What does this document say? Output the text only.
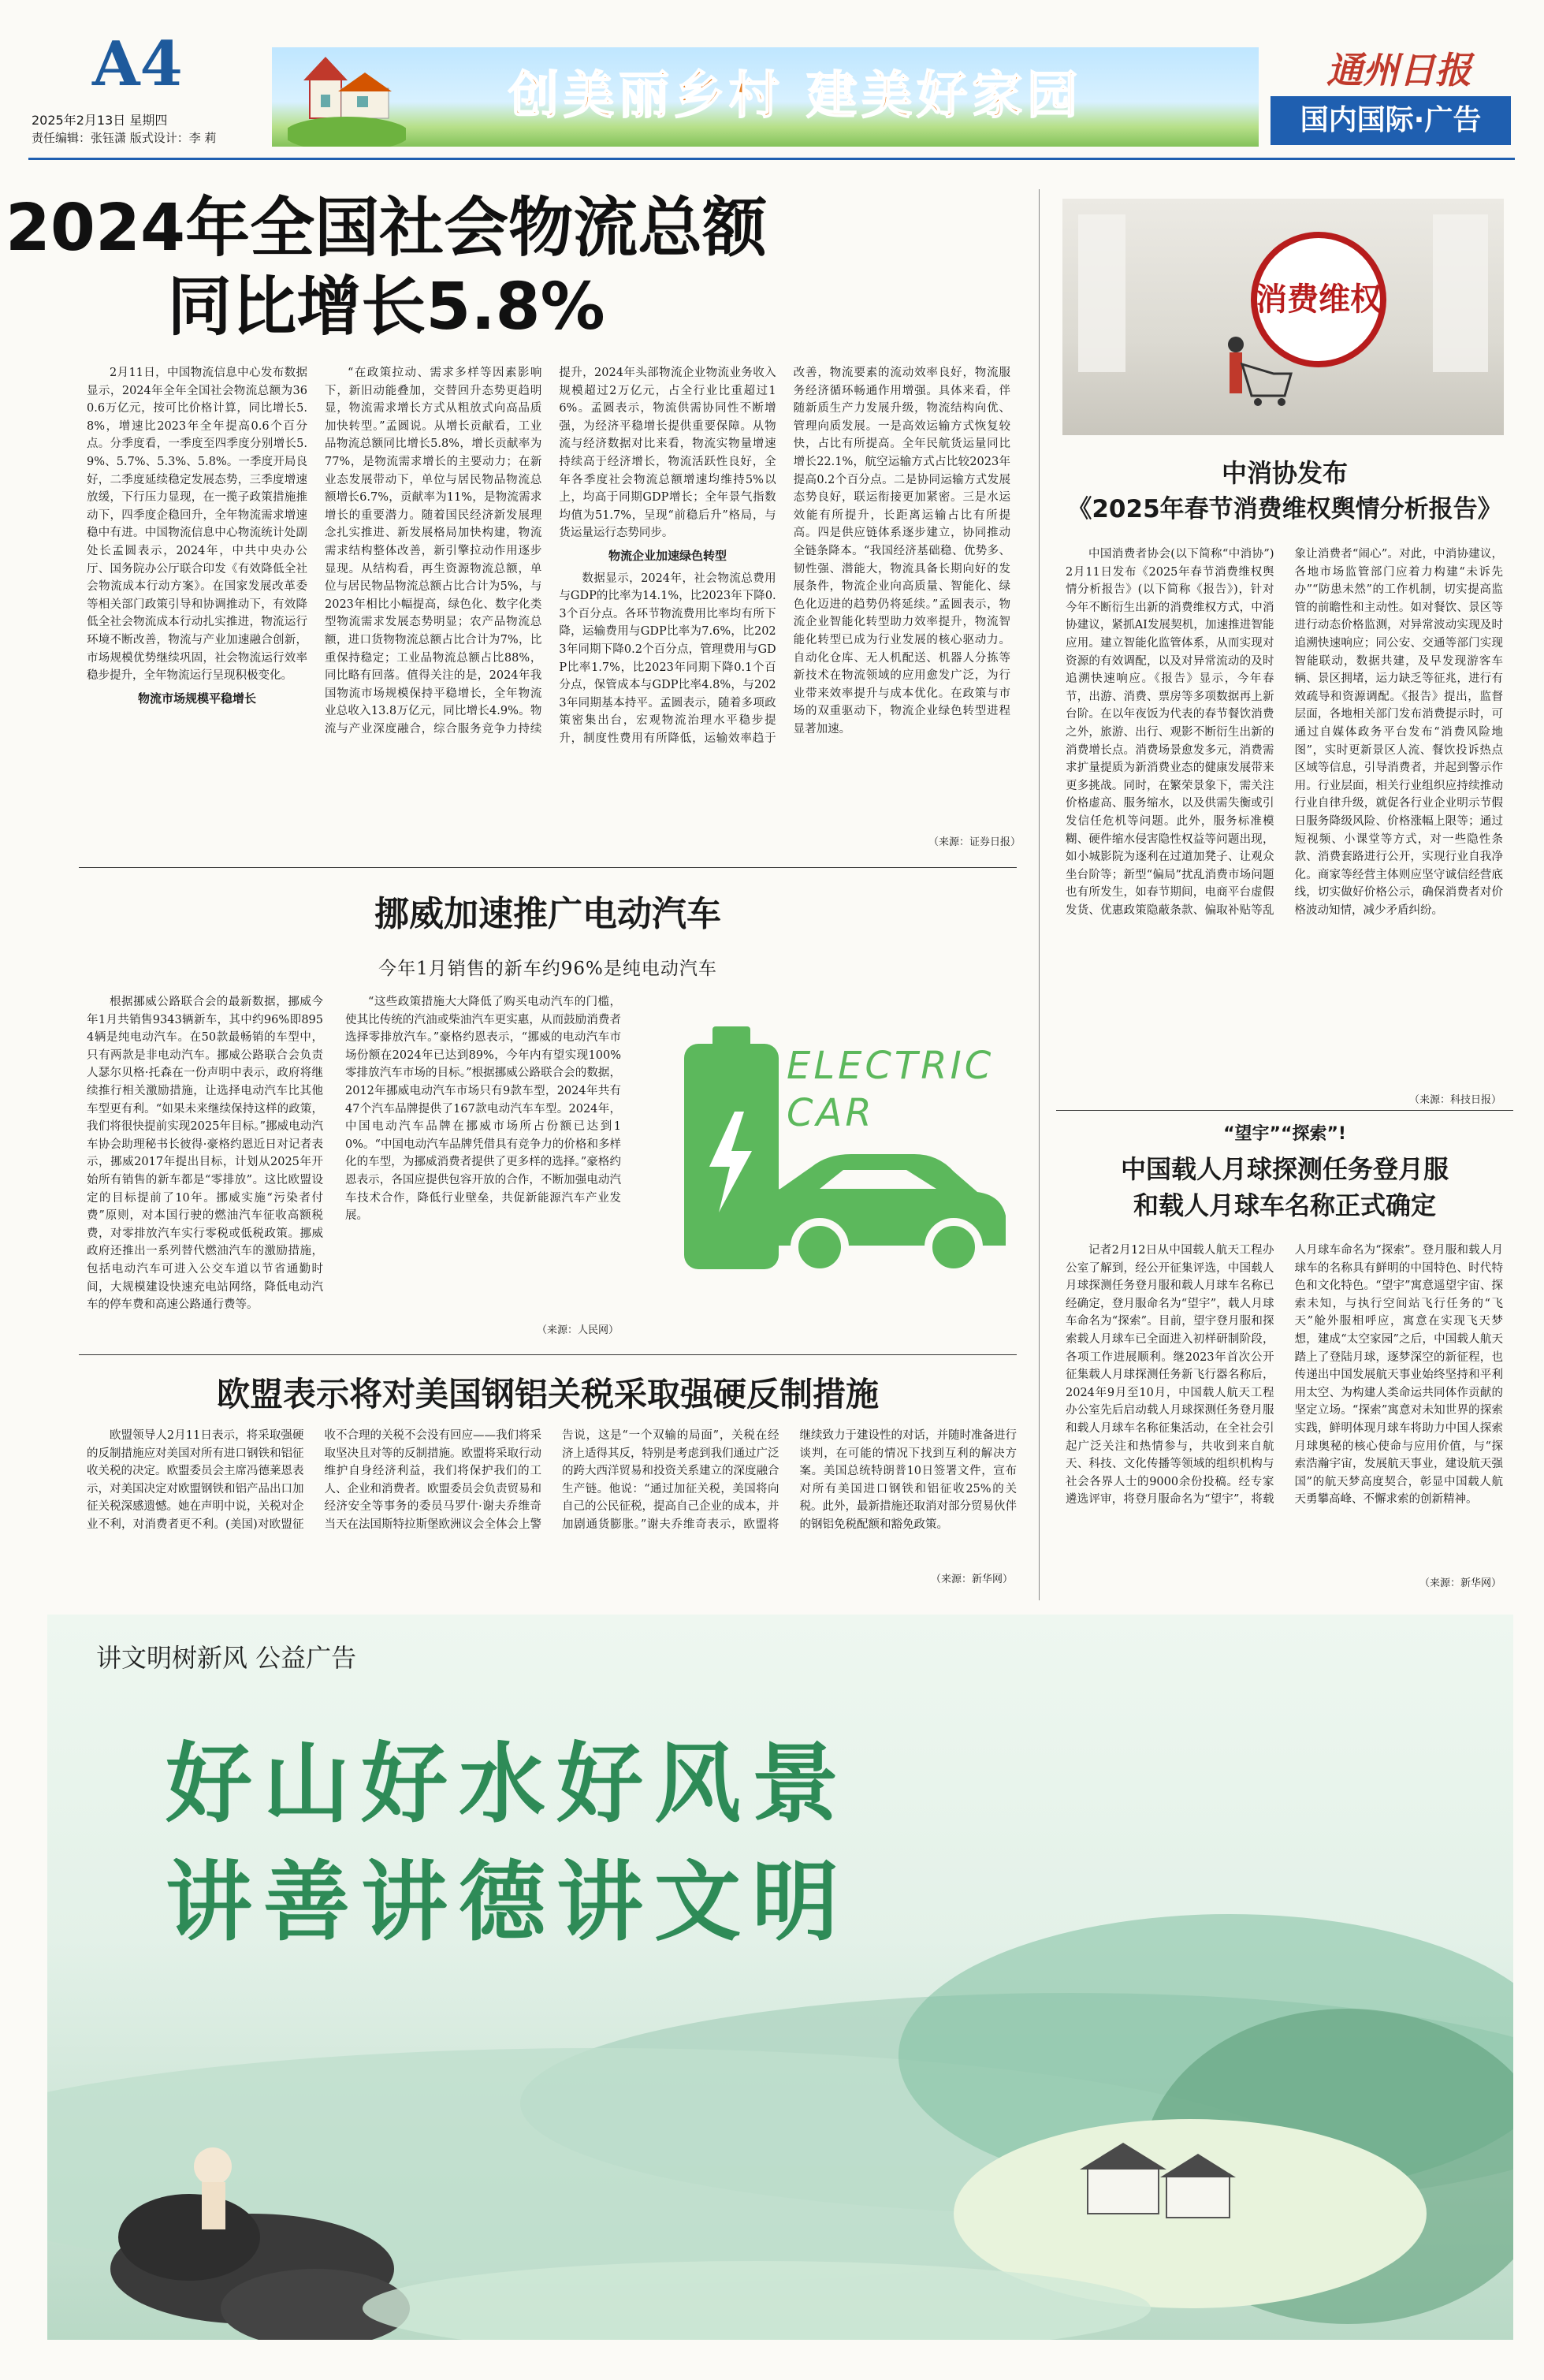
A4
2025年2月13日 星期四
责任编辑：张钰潇 版式设计：李 莉
创美丽乡村 建美好家园	通州日报
国内国际·广告
2024年全国社会物流总额
同比增长5.8%

2月11日，中国物流信息中心发布数据显示，2024年全年全国社会物流总额为360.6万亿元，按可比价格计算，同比增长5.8%，增速比2023年全年提高0.6个百分点。分季度看，一季度至四季度分别增长5.9%、5.7%、5.3%、5.8%。一季度开局良好，二季度延续稳定发展态势，三季度增速放缓，下行压力显现，在一揽子政策措施推动下，四季度企稳回升，全年物流需求增速稳中有进。中国物流信息中心物流统计处副处长孟圆表示，2024年，中共中央办公厅、国务院办公厅联合印发《有效降低全社会物流成本行动方案》。在国家发展改革委等相关部门政策引导和协调推动下，有效降低全社会物流成本行动扎实推进，物流运行环境不断改善，物流与产业加速融合创新，市场规模优势继续巩固，社会物流运行效率稳步提升，全年物流运行呈现积极变化。

物流市场规模平稳增长

“在政策拉动、需求多样等因素影响下，新旧动能叠加，交替回升态势更趋明显，物流需求增长方式从粗放式向高品质加快转型。”孟圆说。从增长贡献看，工业品物流总额同比增长5.8%，增长贡献率为77%，是物流需求增长的主要动力；在新业态发展带动下，单位与居民物品物流总额增长6.7%，贡献率为11%，是物流需求增长的重要潜力。随着国民经济新发展理念扎实推进、新发展格局加快构建，物流需求结构整体改善，新引擎拉动作用逐步显现。从结构看，再生资源物流总额，单位与居民物品物流总额占比合计为5%，与2023年相比小幅提高，绿色化、数字化类型物流需求发展态势明显；农产品物流总额，进口货物物流总额占比合计为7%，比重保持稳定；工业品物流总额占比88%，同比略有回落。值得关注的是，2024年我国物流市场规模保持平稳增长，全年物流业总收入13.8万亿元，同比增长4.9%。物流与产业深度融合，综合服务竞争力持续提升，2024年头部物流企业物流业务收入规模超过2万亿元，占全行业比重超过16%。孟圆表示，物流供需协同性不断增强，为经济平稳增长提供重要保障。从物流与经济数据对比来看，物流实物量增速持续高于经济增长，物流活跃性良好，全年各季度社会物流总额增速均维持5%以上，均高于同期GDP增长；全年景气指数均值为51.7%，呈现“前稳后升”格局，与货运量运行态势同步。

物流企业加速绿色转型

数据显示，2024年，社会物流总费用与GDP的比率为14.1%，比2023年下降0.3个百分点。各环节物流费用比率均有所下降，运输费用与GDP比率为7.6%，比2023年同期下降0.2个百分点，管理费用与GDP比率1.7%，比2023年同期下降0.1个百分点，保管成本与GDP比率4.8%，与2023年同期基本持平。孟圆表示，随着多项政策密集出台，宏观物流治理水平稳步提升，制度性费用有所降低，运输效率趋于改善，物流要素的流动效率良好，物流服务经济循环畅通作用增强。具体来看，伴随新质生产力发展升级，物流结构向优、管理向质发展。一是高效运输方式恢复较快，占比有所提高。全年民航货运量同比增长22.1%，航空运输方式占比较2023年提高0.2个百分点。二是协同运输方式发展态势良好，联运衔接更加紧密。三是水运效能有所提升，长距离运输占比有所提高。四是供应链体系逐步建立，协同推动全链条降本。“我国经济基础稳、优势多、韧性强、潜能大，物流具备长期向好的发展条件，物流企业向高质量、智能化、绿色化迈进的趋势仍将延续。”孟圆表示，物流企业智能化转型助力效率提升，物流智能化转型已成为行业发展的核心驱动力。自动化仓库、无人机配送、机器人分拣等新技术在物流领域的应用愈发广泛，为行业带来效率提升与成本优化。在政策与市场的双重驱动下，物流企业绿色转型进程显著加速。

（来源：证券日报）
挪威加速推广电动汽车
今年1月销售的新车约96%是纯电动汽车

根据挪威公路联合会的最新数据，挪威今年1月共销售9343辆新车，其中约96%即8954辆是纯电动汽车。在50款最畅销的车型中，只有两款是非电动汽车。挪威公路联合会负责人瑟尔贝格·托森在一份声明中表示，政府将继续推行相关激励措施，让选择电动汽车比其他车型更有利。“如果未来继续保持这样的政策，我们将很快提前实现2025年目标。”挪威电动汽车协会助理秘书长彼得·豪格约恩近日对记者表示，挪威2017年提出目标，计划从2025年开始所有销售的新车都是“零排放”。这比欧盟设定的目标提前了10年。挪威实施“污染者付费”原则，对本国行驶的燃油汽车征收高额税费，对零排放汽车实行零税或低税政策。挪威政府还推出一系列替代燃油汽车的激励措施，包括电动汽车可进入公交车道以节省通勤时间，大规模建设快速充电站网络，降低电动汽车的停车费和高速公路通行费等。

“这些政策措施大大降低了购买电动汽车的门槛，使其比传统的汽油或柴油汽车更实惠，从而鼓励消费者选择零排放汽车。”豪格约恩表示，“挪威的电动汽车市场份额在2024年已达到89%，今年内有望实现100%零排放汽车市场的目标。”根据挪威公路联合会的数据，2012年挪威电动汽车市场只有9款车型，2024年共有47个汽车品牌提供了167款电动汽车车型。2024年，中国电动汽车品牌在挪威市场所占份额已达到10%。“中国电动汽车品牌凭借具有竞争力的价格和多样化的车型，为挪威消费者提供了更多样的选择。”豪格约恩表示，各国应提供包容开放的合作，不断加强电动汽车技术合作，降低行业壁垒，共促新能源汽车产业发展。

（来源：人民网）
ELECTRIC
CAR
欧盟表示将对美国钢铝关税采取强硬反制措施

欧盟领导人2月11日表示，将采取强硬的反制措施应对美国对所有进口钢铁和铝征收关税的决定。欧盟委员会主席冯德莱恩表示，对美国决定对欧盟钢铁和铝产品出口加征关税深感遗憾。她在声明中说，关税对企业不利，对消费者更不利。(美国)对欧盟征收不合理的关税不会没有回应——我们将采取坚决且对等的反制措施。欧盟将采取行动维护自身经济利益，我们将保护我们的工人、企业和消费者。欧盟委员会负责贸易和经济安全等事务的委员马罗什·谢夫乔维奇当天在法国斯特拉斯堡欧洲议会全体会上警告说，这是“一个双输的局面”，关税在经济上适得其反，特别是考虑到我们通过广泛的跨大西洋贸易和投资关系建立的深度融合生产链。他说：“通过加征关税，美国将向自己的公民征税，提高自己企业的成本，并加剧通货膨胀。”谢夫乔维奇表示，欧盟将继续致力于建设性的对话，并随时准备进行谈判，在可能的情况下找到互利的解决方案。美国总统特朗普10日签署文件，宣布对所有美国进口钢铁和铝征收25%的关税。此外，最新措施还取消对部分贸易伙伴的钢铝免税配额和豁免政策。

（来源：新华网）
消费维权
中消协发布
《2025年春节消费维权舆情分析报告》

中国消费者协会(以下简称“中消协”)2月11日发布《2025年春节消费维权舆情分析报告》(以下简称《报告》)，针对今年不断衍生出新的消费维权方式，中消协建议，紧抓AI发展契机，加速推进智能应用。建立智能化监管体系，从而实现对资源的有效调配，以及对异常流动的及时追溯快速响应。《报告》显示，今年春节，出游、消费、票房等多项数据再上新台阶。在以年夜饭为代表的春节餐饮消费之外，旅游、出行、观影不断衍生出新的消费增长点。消费场景愈发多元，消费需求扩量提质为新消费业态的健康发展带来更多挑战。同时，在繁荣景象下，需关注价格虚高、服务缩水，以及供需失衡或引发信任危机等问题。此外，服务标准模糊、硬件缩水侵害隐性权益等问题出现，如小城影院为逐利在过道加凳子、让观众坐台阶等；新型“偏局”扰乱消费市场问题也有所发生，如春节期间，电商平台虚假发货、优惠政策隐蔽条款、偏取补贴等乱象让消费者“闹心”。对此，中消协建议，各地市场监管部门应着力构建“未诉先办”“防患未然”的工作机制，切实提高监管的前瞻性和主动性。如对餐饮、景区等进行动态价格监测，对异常波动实现及时追溯快速响应；同公安、交通等部门实现智能联动，数据共建，及早发现游客车辆、景区拥堵，运力缺乏等征兆，进行有效疏导和资源调配。《报告》提出，监督层面，各地相关部门发布消费提示时，可通过自媒体政务平台发布“消费风险地图”，实时更新景区人流、餐饮投诉热点区域等信息，引导消费者，并起到警示作用。行业层面，相关行业组织应持续推动行业自律升级，就促各行业企业明示节假日服务降级风险、价格涨幅上限等；通过短视频、小课堂等方式，对一些隐性条款、消费套路进行公开，实现行业自我净化。商家等经营主体则应坚守诚信经营底线，切实做好价格公示，确保消费者对价格波动知情，减少矛盾纠纷。

（来源：科技日报）
“望宇”“探索”!
中国载人月球探测任务登月服
和载人月球车名称正式确定

记者2月12日从中国载人航天工程办公室了解到，经公开征集评选，中国载人月球探测任务登月服和载人月球车名称已经确定，登月服命名为“望宇”，载人月球车命名为“探索”。目前，望宇登月服和探索载人月球车已全面进入初样研制阶段，各项工作进展顺利。继2023年首次公开征集载人月球探测任务新飞行器名称后，2024年9月至10月，中国载人航天工程办公室先后启动载人月球探测任务登月服和载人月球车名称征集活动，在全社会引起广泛关注和热情参与，共收到来自航天、科技、文化传播等领域的组织机构与社会各界人士的9000余份投稿。经专家遴选评审，将登月服命名为“望宇”，将载人月球车命名为“探索”。登月服和载人月球车的名称具有鲜明的中国特色、时代特色和文化特色。“望宇”寓意遥望宇宙、探索未知，与执行空间站飞行任务的“飞天”舱外服相呼应，寓意在实现飞天梦想，建成“太空家园”之后，中国载人航天踏上了登陆月球，逐梦深空的新征程，也传递出中国发展航天事业始终坚持和平利用太空、为构建人类命运共同体作贡献的坚定立场。“探索”寓意对未知世界的探索实践，鲜明体现月球车将助力中国人探索月球奥秘的核心使命与应用价值，与“探索浩瀚宇宙，发展航天事业，建设航天强国”的航天梦高度契合，彰显中国载人航天勇攀高峰、不懈求索的创新精神。

（来源：新华网）
讲文明树新风 公益广告
好山好水好风景
讲善讲德讲文明
